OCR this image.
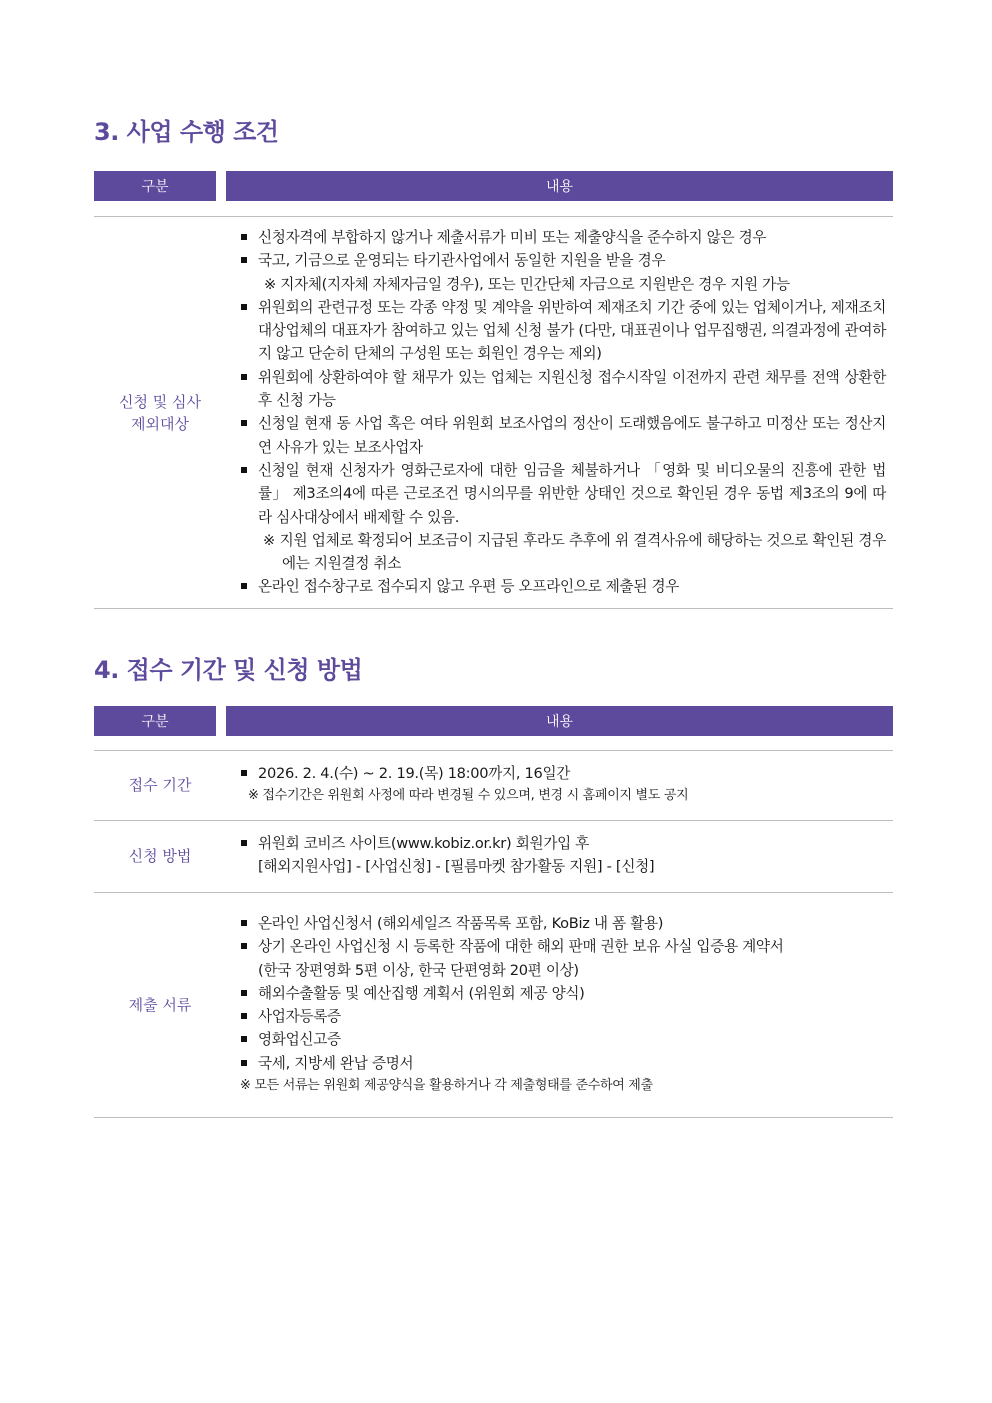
3. 사업 수행 조건
구분	내용
신청 및 심사
제외대상
신청자격에 부합하지 않거나 제출서류가 미비 또는 제출양식을 준수하지 않은 경우
국고, 기금으로 운영되는 타기관사업에서 동일한 지원을 받을 경우
※ 지자체(지자체 자체자금일 경우), 또는 민간단체 자금으로 지원받은 경우 지원 가능
위원회의 관련규정 또는 각종 약정 및 계약을 위반하여 제재조치 기간 중에 있는 업체이거나, 제재조치 대상업체의 대표자가 참여하고 있는 업체 신청 불가 (다만, 대표권이나 업무집행권, 의결과정에 관여하지 않고 단순히 단체의 구성원 또는 회원인 경우는 제외)
위원회에 상환하여야 할 채무가 있는 업체는 지원신청 접수시작일 이전까지 관련 채무를 전액 상환한 후 신청 가능
신청일 현재 동 사업 혹은 여타 위원회 보조사업의 정산이 도래했음에도 불구하고 미정산 또는 정산지연 사유가 있는 보조사업자
신청일 현재 신청자가 영화근로자에 대한 임금을 체불하거나 「영화 및 비디오물의 진흥에 관한 법률」 제3조의4에 따른 근로조건 명시의무를 위반한 상태인 것으로 확인된 경우 동법 제3조의 9에 따라 심사대상에서 배제할 수 있음.
※ 지원 업체로 확정되어 보조금이 지급된 후라도 추후에 위 결격사유에 해당하는 것으로 확인된 경우에는 지원결정 취소
온라인 접수창구로 접수되지 않고 우편 등 오프라인으로 제출된 경우
4. 접수 기간 및 신청 방법
구분	내용
접수 기간
2026. 2. 4.(수) ~ 2. 19.(목) 18:00까지, 16일간
※ 접수기간은 위원회 사정에 따라 변경될 수 있으며, 변경 시 홈페이지 별도 공지
신청 방법
위원회 코비즈 사이트(www.kobiz.or.kr) 회원가입 후
[해외지원사업] - [사업신청] - [필름마켓 참가활동 지원] - [신청]
제출 서류
온라인 사업신청서 (해외세일즈 작품목록 포함, KoBiz 내 폼 활용)
상기 온라인 사업신청 시 등록한 작품에 대한 해외 판매 권한 보유 사실 입증용 계약서
(한국 장편영화 5편 이상, 한국 단편영화 20편 이상)
해외수출활동 및 예산집행 계획서 (위원회 제공 양식)
사업자등록증
영화업신고증
국세, 지방세 완납 증명서
※ 모든 서류는 위원회 제공양식을 활용하거나 각 제출형태를 준수하여 제출
